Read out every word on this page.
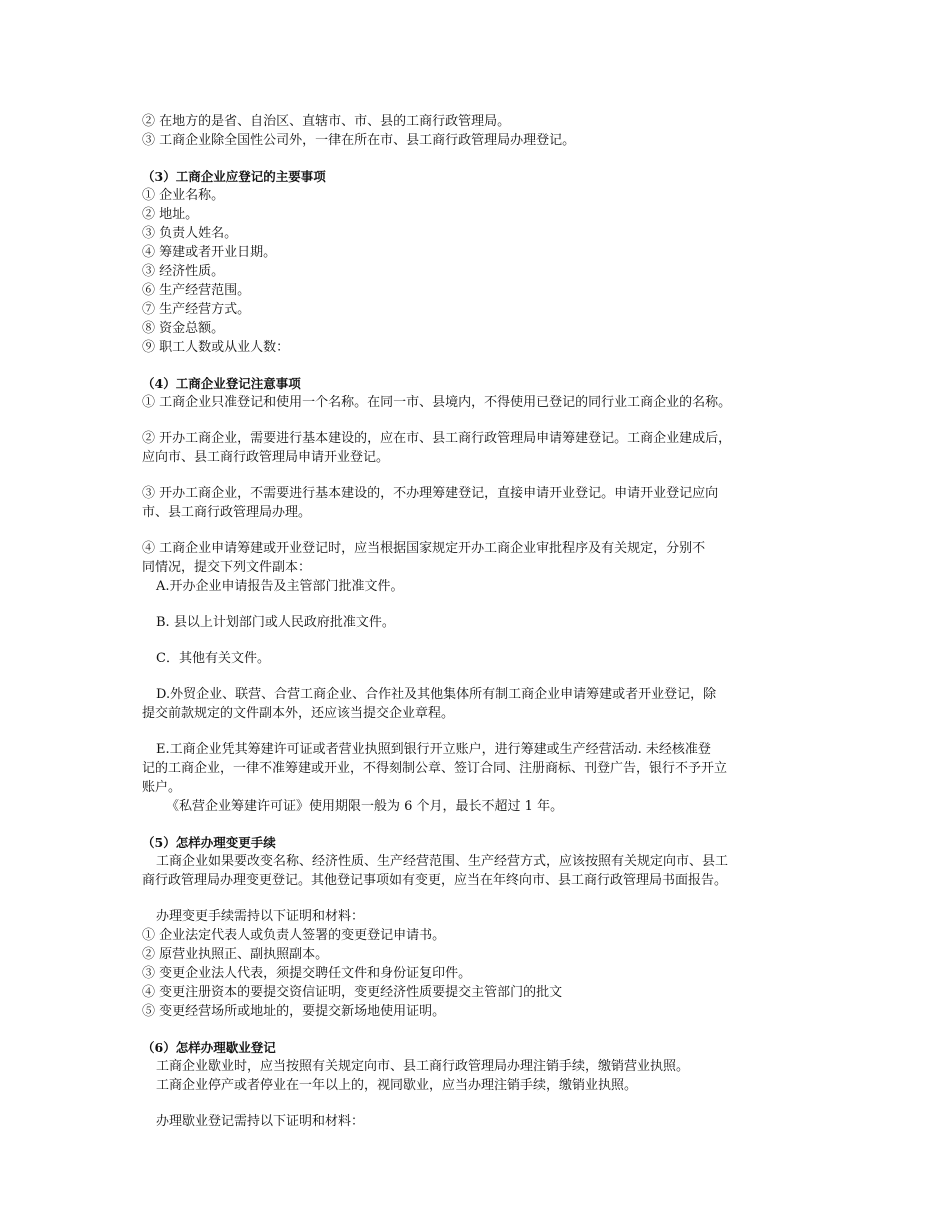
② 在地方的是省、自治区、直辖市、市、县的工商行政管理局。
③ 工商企业除全国性公司外，一律在所在市、县工商行政管理局办理登记。
（3）工商企业应登记的主要事项
① 企业名称。
② 地址。
③ 负责人姓名。
④ 筹建或者开业日期。
③ 经济性质。
⑥ 生产经营范围。
⑦ 生产经营方式。
⑧ 资金总额。
⑨ 职工人数或从业人数：
（4）工商企业登记注意事项
① 工商企业只准登记和使用一个名称。在同一市、县境内，不得使用已登记的同行业工商企业的名称。
② 开办工商企业，需要进行基本建设的，应在市、县工商行政管理局申请筹建登记。工商企业建成后，
应向市、县工商行政管理局申请开业登记。
③ 开办工商企业，不需要进行基本建设的，不办理筹建登记，直接申请开业登记。申请开业登记应向
市、县工商行政管理局办理。
④ 工商企业申请筹建或开业登记时，应当根据国家规定开办工商企业审批程序及有关规定，分别不
同情况，提交下列文件副本：
A.开办企业申请报告及主管部门批准文件。
B. 县以上计划部门或人民政府批准文件。
C．其他有关文件。
D.外贸企业、联营、合营工商企业、合作社及其他集体所有制工商企业申请筹建或者开业登记，除
提交前款规定的文件副本外，还应该当提交企业章程。
E.工商企业凭其筹建许可证或者营业执照到银行开立账户，进行筹建或生产经营活动. 未经核准登
记的工商企业，一律不准筹建或开业，不得刻制公章、签订合同、注册商标、刊登广告，银行不予开立
账户。
《私营企业筹建许可证》使用期限一般为 6 个月，最长不超过 1 年。
（5）怎样办理变更手续
工商企业如果要改变名称、经济性质、生产经营范围、生产经营方式，应该按照有关规定向市、县工
商行政管理局办理变更登记。其他登记事项如有变更，应当在年终向市、县工商行政管理局书面报告。
办理变更手续需持以下证明和材料：
① 企业法定代表人或负责人签署的变更登记申请书。
② 原营业执照正、副执照副本。
③ 变更企业法人代表，须提交聘任文件和身份证复印件。
④ 变更注册资本的要提交资信证明，变更经济性质要提交主管部门的批文
⑤ 变更经营场所或地址的，要提交新场地使用证明。
（6）怎样办理歇业登记
工商企业歇业时，应当按照有关规定向市、县工商行政管理局办理注销手续，缴销营业执照。
工商企业停产或者停业在一年以上的，视同歇业，应当办理注销手续，缴销业执照。
办理歇业登记需持以下证明和材料：
